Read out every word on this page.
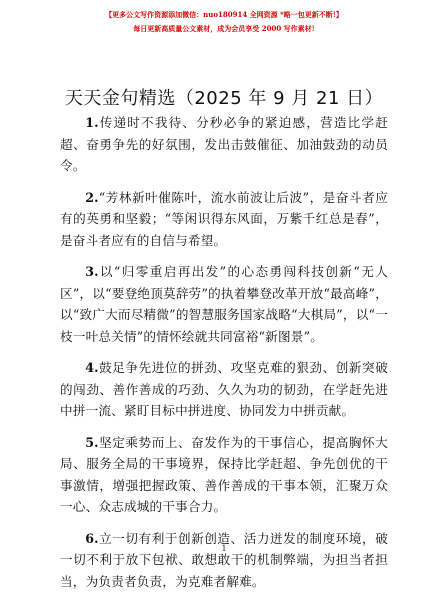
【更多公文写作资源添加微信：nuo180914 全网资源 *略一包更新不断!】
每日更新高质量公文素材，成为会员享受 2000 写作素材!
天天金句精选（2025 年 9 月 21 日）

1.传递时不我待、分秒必争的紧迫感，营造比学赶超、奋勇争先的好氛围，发出击鼓催征、加油鼓劲的动员令。

2.“芳林新叶催陈叶，流水前波让后波”，是奋斗者应有的英勇和坚毅；“等闲识得东风面，万紫千红总是春”，是奋斗者应有的自信与希望。

3.以“归零重启再出发”的心态勇闯科技创新“无人区”，以“要登绝顶莫辞劳”的执着攀登改革开放“最高峰”，以“致广大而尽精微”的智慧服务国家战略“大棋局”，以“一枝一叶总关情”的情怀绘就共同富裕“新图景”。

4.鼓足争先进位的拼劲、攻坚克难的狠劲、创新突破的闯劲、善作善成的巧劲、久久为功的韧劲，在学赶先进中拼一流、紧盯目标中拼进度、协同发力中拼贡献。

5.坚定乘势而上、奋发作为的干事信心，提高胸怀大局、服务全局的干事境界，保持比学赶超、争先创优的干事激情，增强把握政策、善作善成的干事本领，汇聚万众一心、众志成城的干事合力。

6.立一切有利于创新创造、活力迸发的制度环境，破一切不利于放下包袱、敢想敢干的机制弊端，为担当者担当，为负责者负责，为克难者解难。

1
